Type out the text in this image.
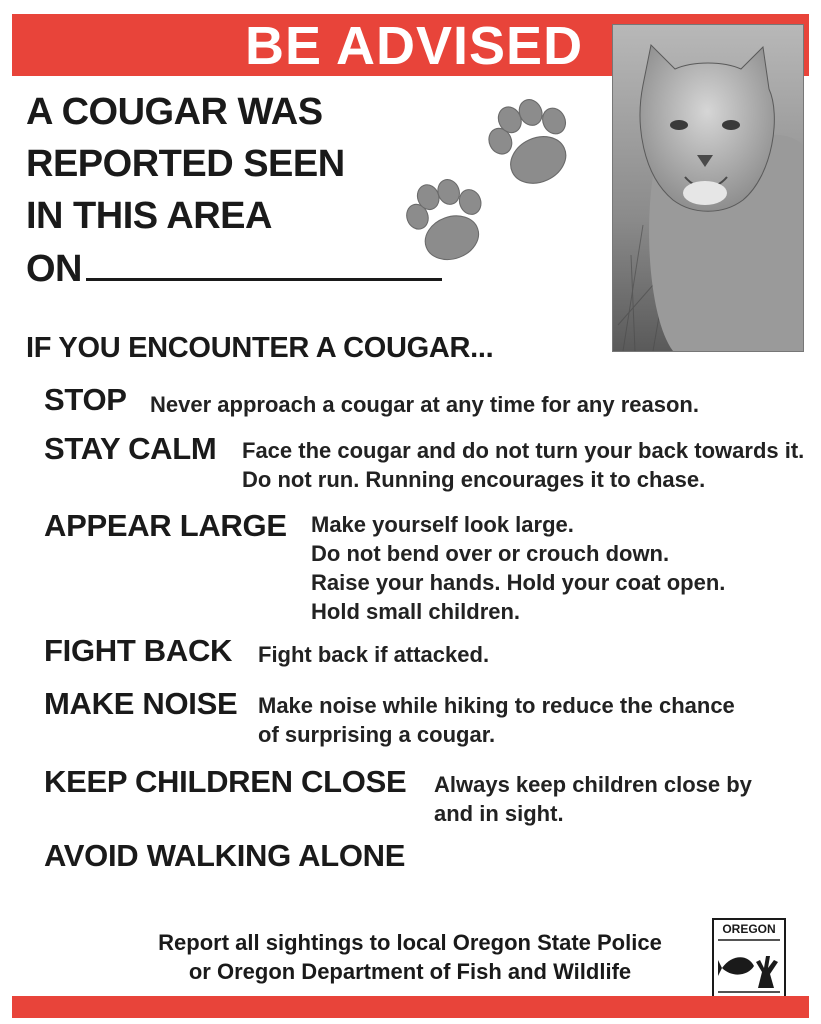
BE ADVISED
A COUGAR WAS
REPORTED SEEN
IN THIS AREA
ON
IF YOU ENCOUNTER A COUGAR...
STOP Never approach a cougar at any time for any reason.
STAY CALM Face the cougar and do not turn your back towards it.
Do not run. Running encourages it to chase.
APPEAR LARGE Make yourself look large.
Do not bend over or crouch down.
Raise your hands. Hold your coat open.
Hold small children.
FIGHT BACK Fight back if attacked.
MAKE NOISE Make noise while hiking to reduce the chance
of surprising a cougar.
KEEP CHILDREN CLOSE Always keep children close by
and in sight.
AVOID WALKING ALONE
Report all sightings to local Oregon State Police
or Oregon Department of Fish and Wildlife
OREGON
